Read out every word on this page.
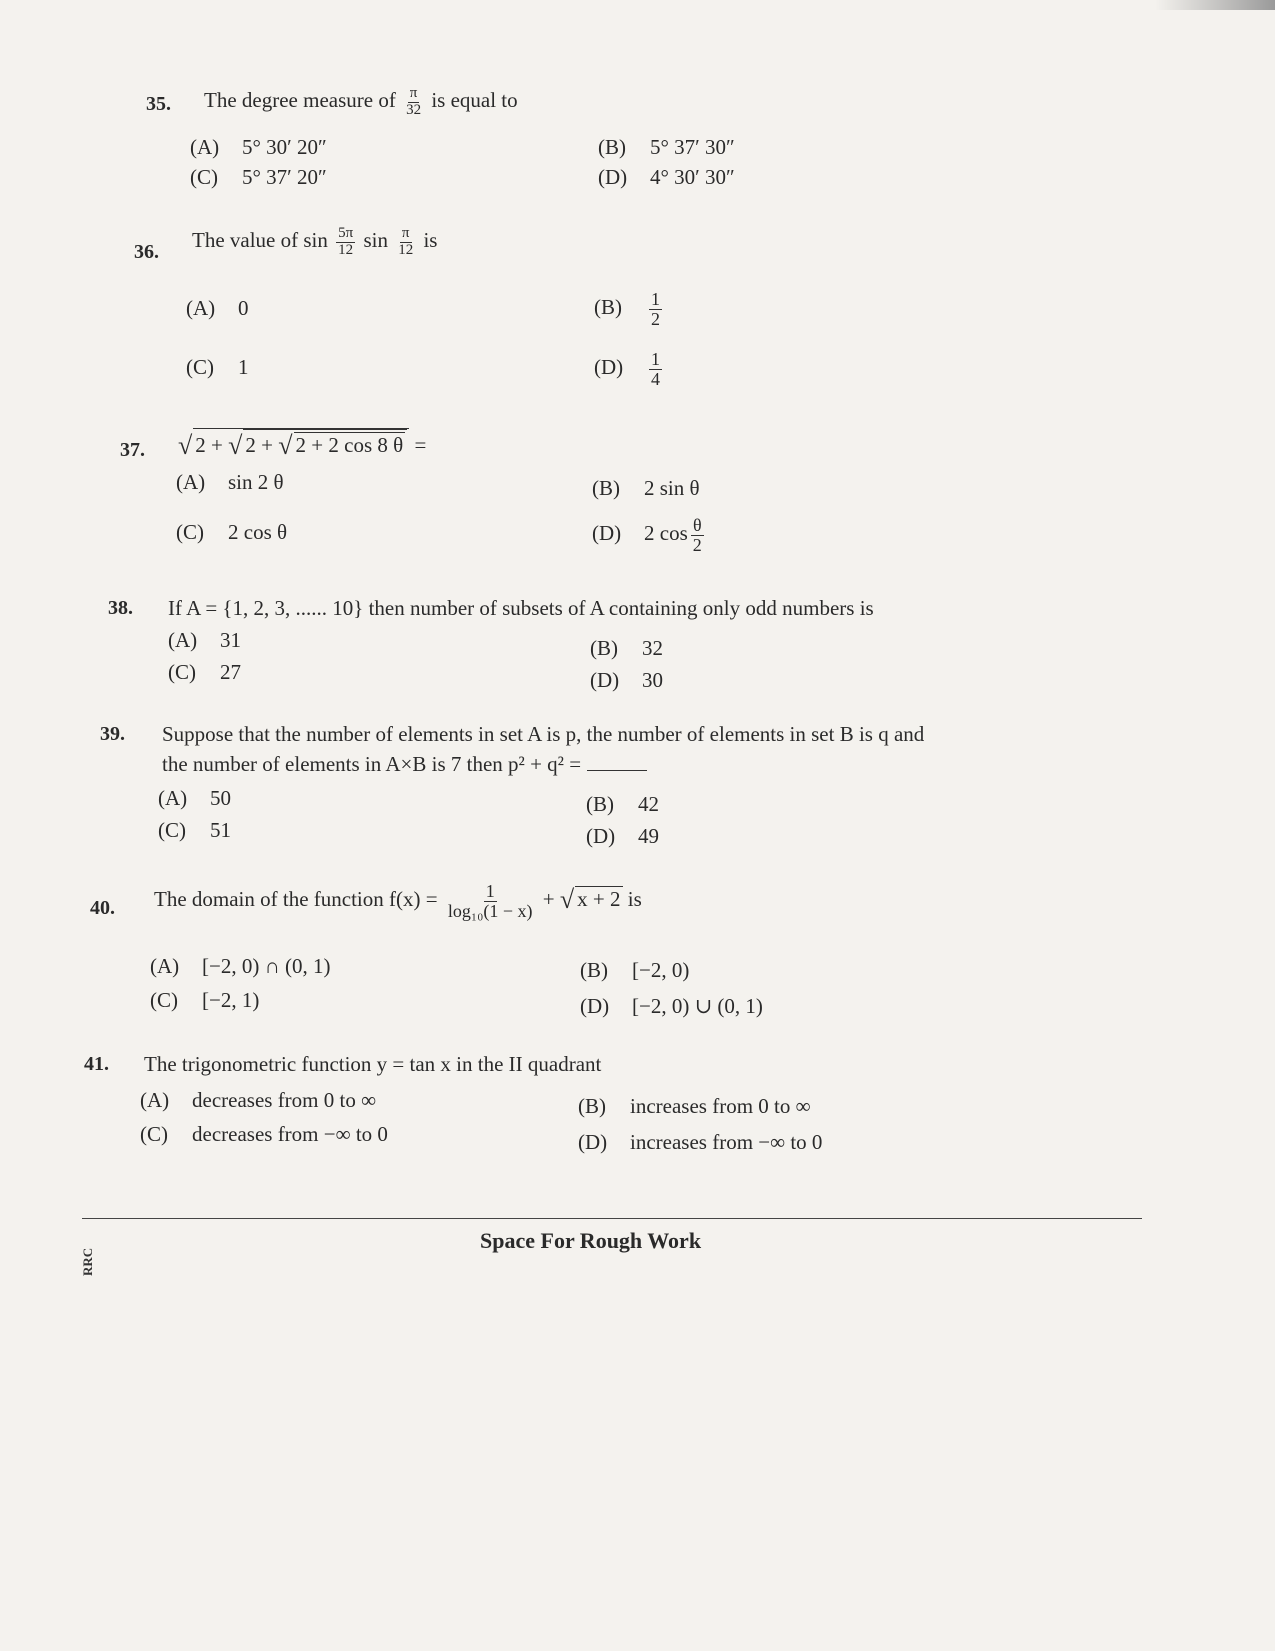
35. The degree measure of $\frac{\pi}{32}$ is equal to
(A) 5° 30′ 20″	(B) 5° 37′ 30″
(C) 5° 37′ 20″	(D) 4° 30′ 30″
36. The value of $\sin \frac{5\pi}{12}$ $\sin \frac{\pi}{12}$ is
(A) 0	$(B) \frac{1}{2}$
(C) 1	$(D) \frac{1}{4}$
37. √ 2 + √ 2 + √ 2 + 2 cos 8 θ =
(A) sin 2 θ	(B) 2 sin θ
(C) 2 cos θ	(D) 2 $\cos \frac{\theta}{2}$
38. If A = {1, 2, 3, ...... 10} then number of subsets of A containing only odd numbers is
(A) 31	(B) 32
(C) 27	(D) 30
39. Suppose that the number of elements in set A is p, the number of elements in set B is q and
the number of elements in A×B is 7 then p² + q² =
(A) 50	(B) 42
(C) 51	(D) 49
40. The domain of the function $f(x) = \frac{1}{\text{log₁₀(1 − x)}}$ + √ x + 2 is
(A) [−2, 0) ∩ (0, 1)	(B) [−2, 0)
(C) [−2, 1)	(D) [−2, 0) ∪ (0, 1)
41. The trigonometric function y = tan x in the II quadrant
(A) decreases from 0 to ∞	(B) increases from 0 to ∞
(C) decreases from −∞ to 0	(D) increases from −∞ to 0
RRC
Space For Rough Work
